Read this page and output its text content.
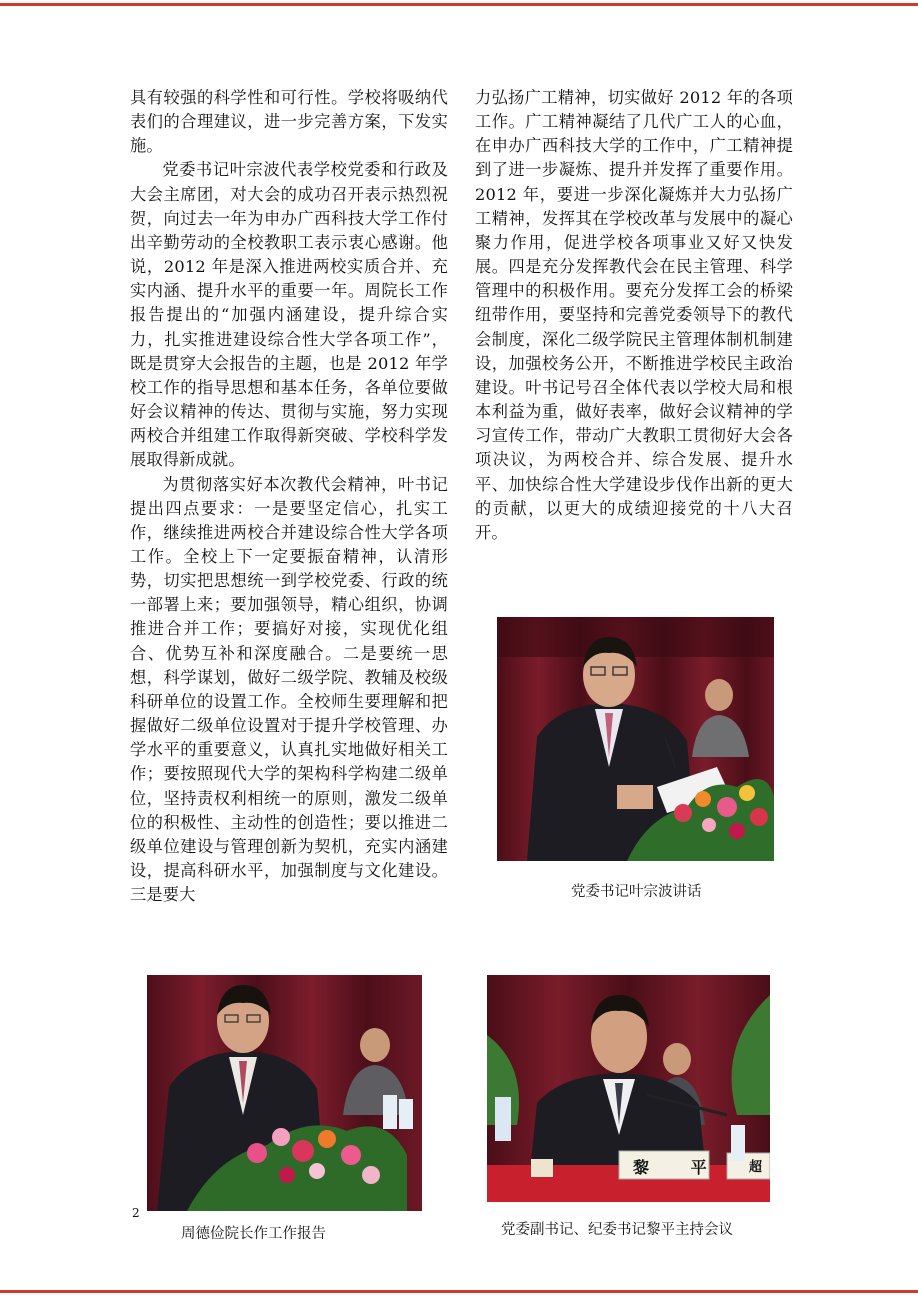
具有较强的科学性和可行性。学校将吸纳代表们的合理建议，进一步完善方案，下发实施。

党委书记叶宗波代表学校党委和行政及大会主席团，对大会的成功召开表示热烈祝贺，向过去一年为申办广西科技大学工作付出辛勤劳动的全校教职工表示衷心感谢。他说，2012 年是深入推进两校实质合并、充实内涵、提升水平的重要一年。周院长工作报告提出的“加强内涵建设，提升综合实力，扎实推进建设综合性大学各项工作”，既是贯穿大会报告的主题，也是 2012 年学校工作的指导思想和基本任务，各单位要做好会议精神的传达、贯彻与实施，努力实现两校合并组建工作取得新突破、学校科学发展取得新成就。

为贯彻落实好本次教代会精神，叶书记提出四点要求：一是要坚定信心，扎实工作，继续推进两校合并建设综合性大学各项工作。全校上下一定要振奋精神，认清形势，切实把思想统一到学校党委、行政的统一部署上来；要加强领导，精心组织，协调推进合并工作；要搞好对接，实现优化组合、优势互补和深度融合。二是要统一思想，科学谋划，做好二级学院、教辅及校级科研单位的设置工作。全校师生要理解和把握做好二级单位设置对于提升学校管理、办学水平的重要意义，认真扎实地做好相关工作；要按照现代大学的架构科学构建二级单位，坚持责权利相统一的原则，激发二级单位的积极性、主动性的创造性；要以推进二级单位建设与管理创新为契机，充实内涵建设，提高科研水平，加强制度与文化建设。三是要大

力弘扬广工精神，切实做好 2012 年的各项工作。广工精神凝结了几代广工人的心血，在申办广西科技大学的工作中，广工精神提到了进一步凝炼、提升并发挥了重要作用。2012 年，要进一步深化凝炼并大力弘扬广工精神，发挥其在学校改革与发展中的凝心聚力作用，促进学校各项事业又好又快发展。四是充分发挥教代会在民主管理、科学管理中的积极作用。要充分发挥工会的桥梁纽带作用，要坚持和完善党委领导下的教代会制度，深化二级学院民主管理体制机制建设，加强校务公开，不断推进学校民主政治建设。叶书记号召全体代表以学校大局和根本利益为重，做好表率，做好会议精神的学习宣传工作，带动广大教职工贯彻好大会各项决议，为两校合并、综合发展、提升水平、加快综合性大学建设步伐作出新的更大的贡献，以更大的成绩迎接党的十八大召开。

党委书记叶宗波讲话
周德俭院长作工作报告
黎 平 超
党委副书记、纪委书记黎平主持会议
2
